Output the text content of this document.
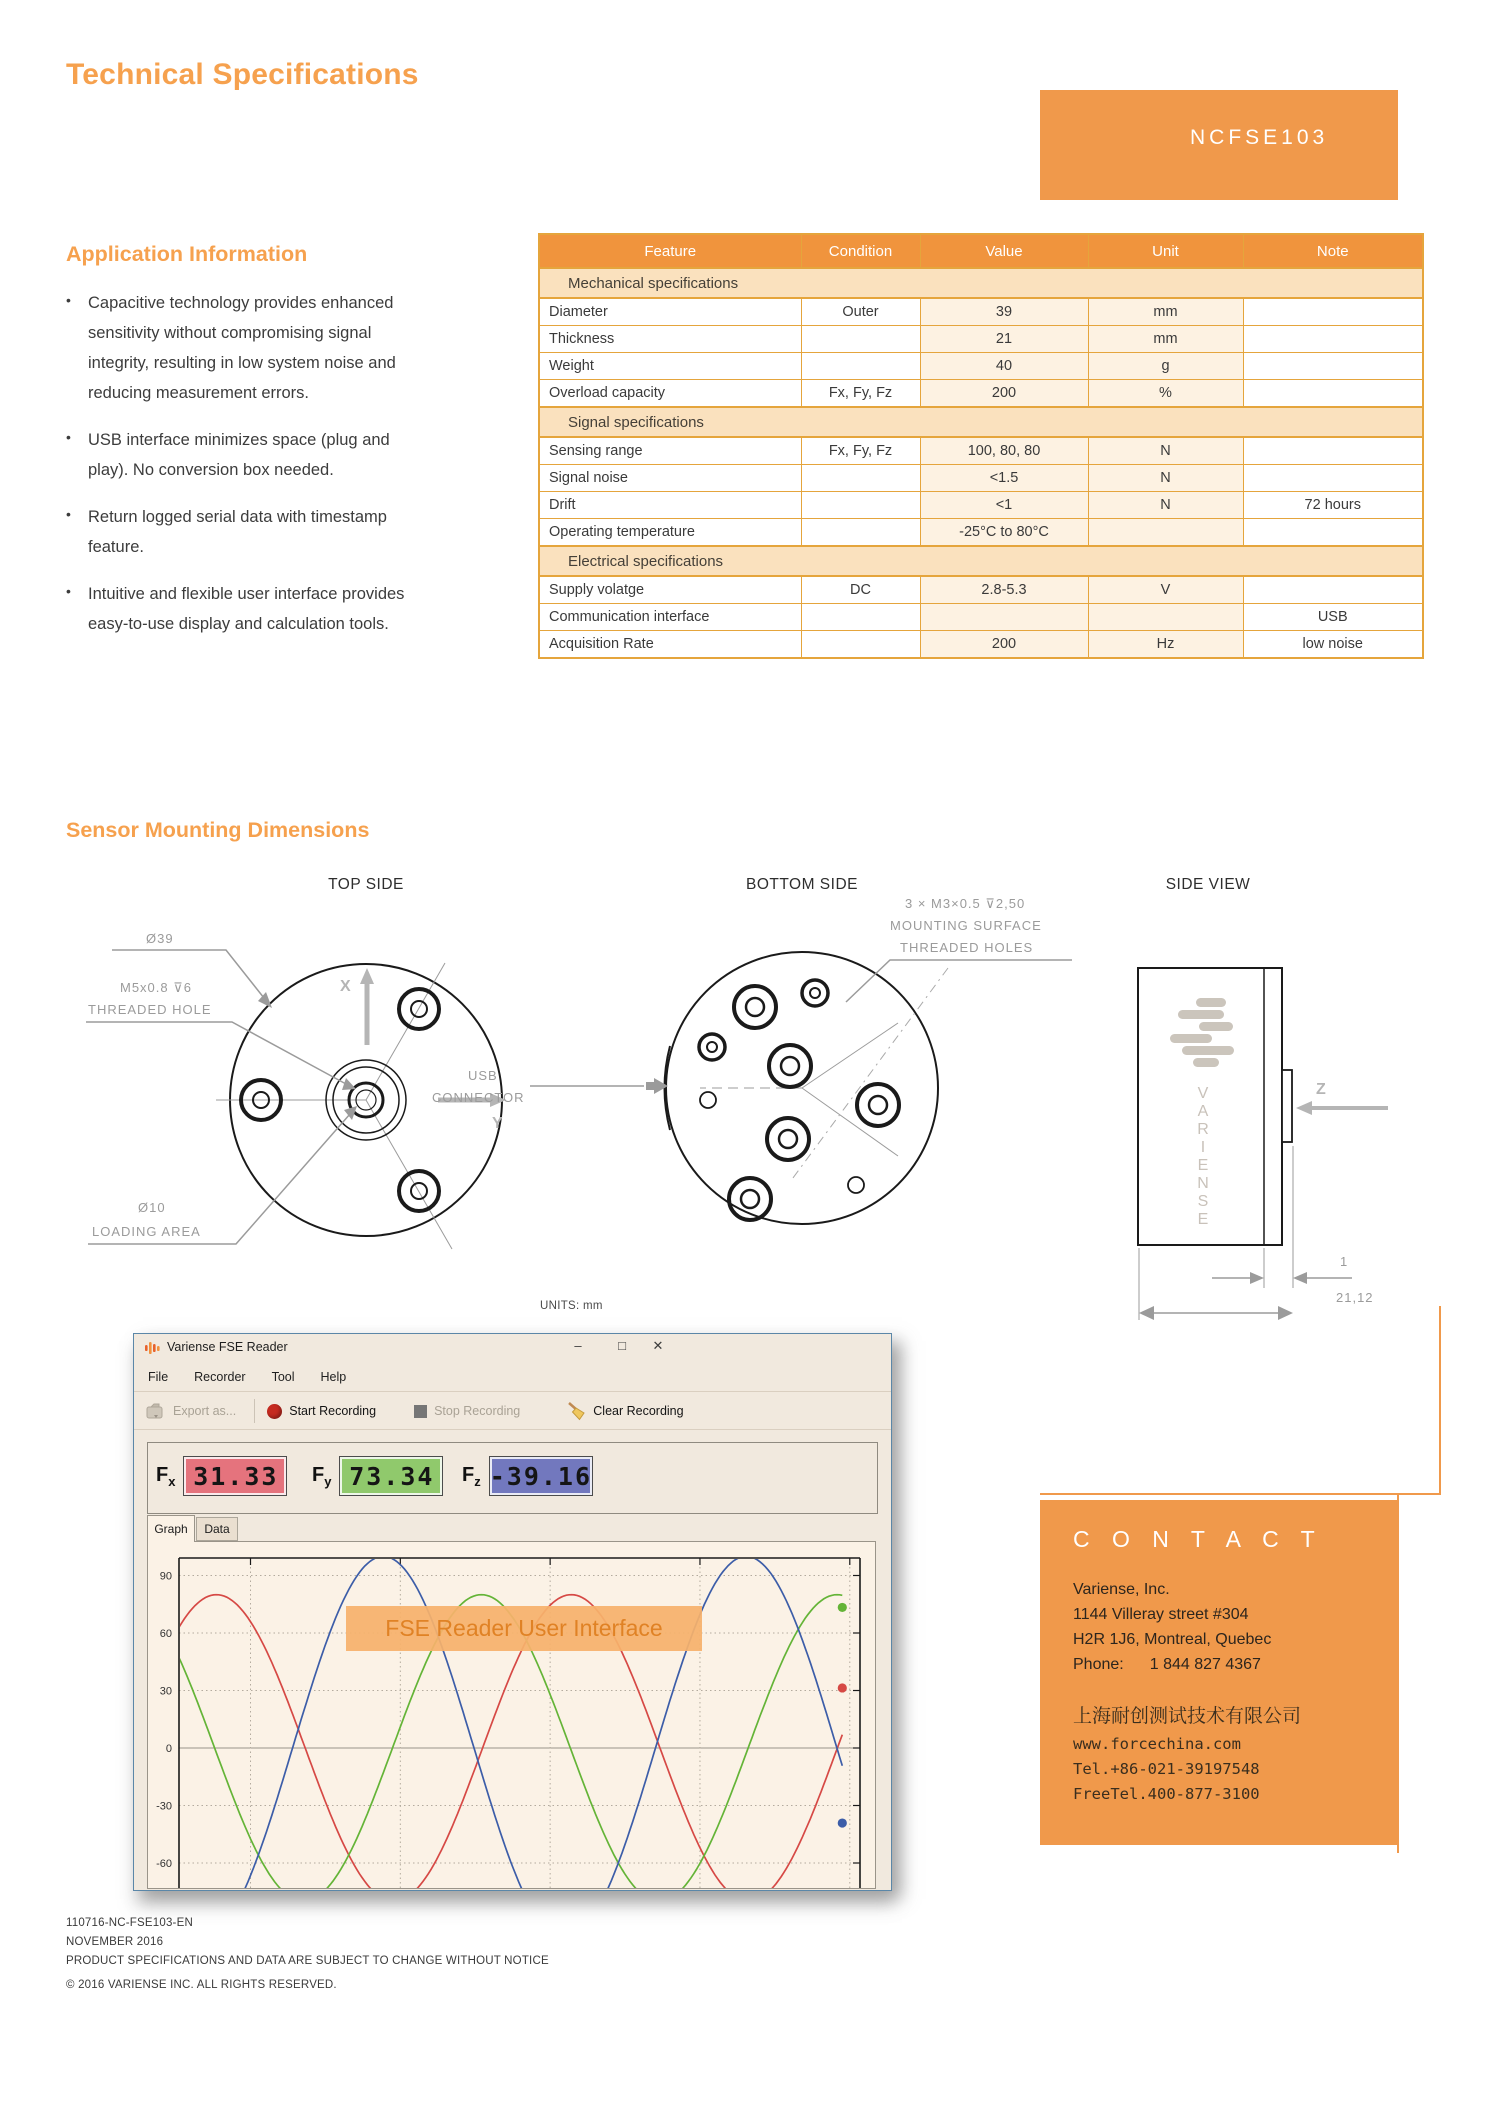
Technical Specifications
NCFSE103
Application Information
•	Capacitive technology provides enhanced sensitivity without compromising signal integrity, resulting in low system noise and reducing measurement errors.
•	USB interface minimizes space (plug and play). No conversion box needed.
•	Return logged serial data with timestamp feature.
•	Intuitive and flexible user interface provides easy-to-use display and calculation tools.
Feature	Condition	Value	Unit	Note
Mechanical specifications				
Diameter	Outer	39	mm	
Thickness		21	mm	
Weight		40	g	
Overload capacity	Fx, Fy, Fz	200	%	
Signal specifications				
Sensing range	Fx, Fy, Fz	100, 80, 80	N	
Signal noise		<1.5	N	
Drift		<1	N	72 hours
Operating temperature		-25°C to 80°C		
Electrical specifications				
Supply volatge	DC	2.8-5.3	V	
Communication interface				USB
Acquisition Rate		200	Hz	low noise
Sensor Mounting Dimensions
TOP SIDE	BOTTOM SIDE	SIDE VIEW
X
Y
Ø39
M5x0.8 ⊽6
THREADED HOLE
Ø10
LOADING AREA
USB
CONNECTOR
3 × M3×0.5 ⊽2,50
MOUNTING SURFACE
THREADED HOLES
V A R I E N S E
Z
1
21,12
UNITS: mm
Variense FSE Reader	–	□	✕
File Recorder Tool Help
Export as...	Start Recording	Stop Recording	Clear Recording
$F_x$ 31.33	$F_y$ 73.34	$F_z$ -39.16
Graph	Data
90
60
30
0
-30
-60
FSE Reader User Interface
C O N T A C T
Variense, Inc.
1144 Villeray street #304
H2R 1J6, Montreal, Quebec
Phone: 1 844 827 4367
上海耐创测试技术有限公司
www.forcechina.com
Tel.+86-021-39197548
FreeTel.400-877-3100
110716-NC-FSE103-EN
NOVEMBER 2016
PRODUCT SPECIFICATIONS AND DATA ARE SUBJECT TO CHANGE WITHOUT NOTICE
© 2016 VARIENSE INC. ALL RIGHTS RESERVED.
